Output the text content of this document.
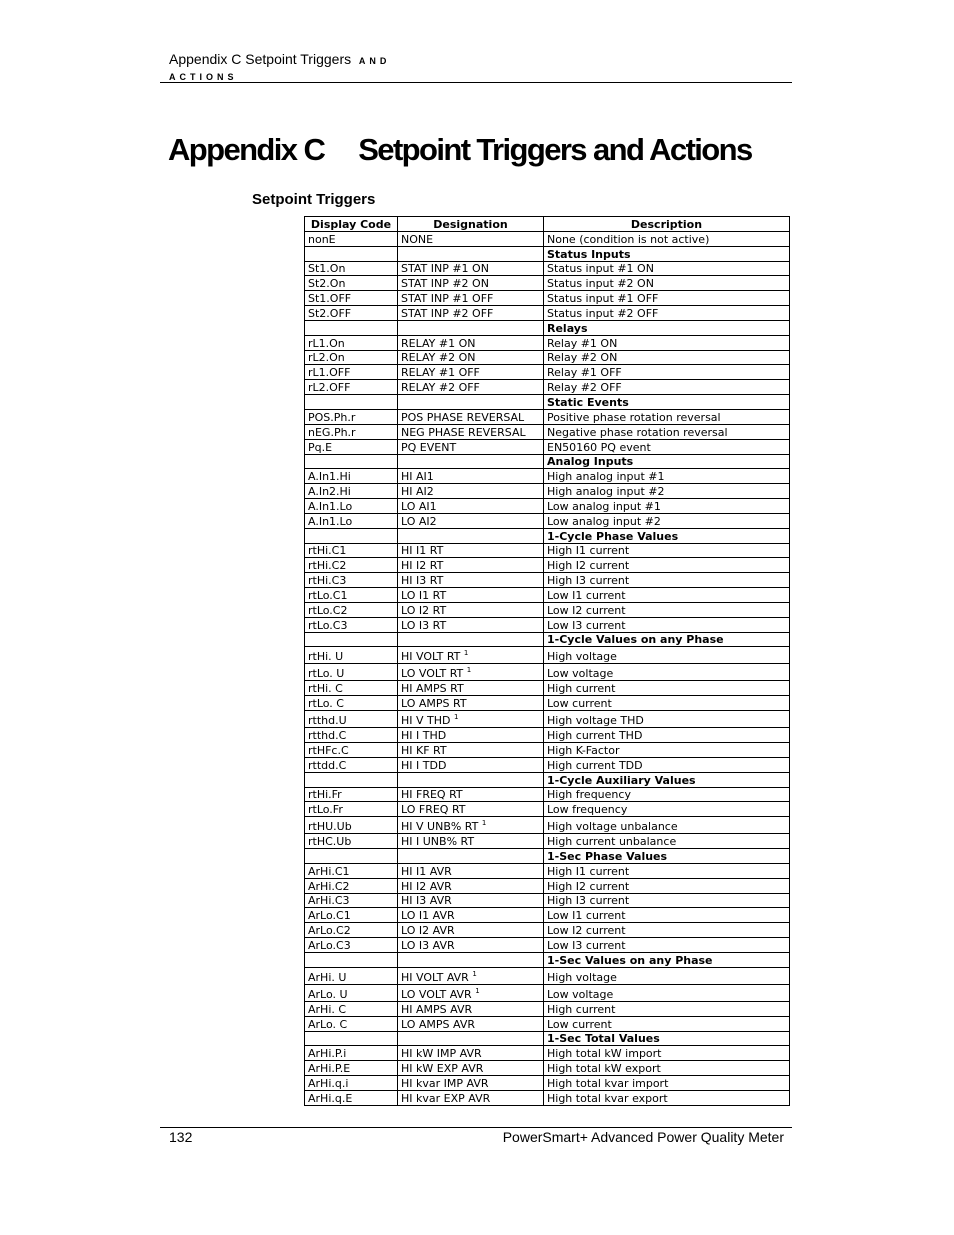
Appendix C Setpoint Triggers AND
ACTIONS
Appendix C Setpoint Triggers and Actions
Setpoint Triggers
Display Code	Designation	Description
nonE	NONE	None (condition is not active)
		Status Inputs
St1.On	STAT INP #1 ON	Status input #1 ON
St2.On	STAT INP #2 ON	Status input #2 ON
St1.OFF	STAT INP #1 OFF	Status input #1 OFF
St2.OFF	STAT INP #2 OFF	Status input #2 OFF
		Relays
rL1.On	RELAY #1 ON	Relay #1 ON
rL2.On	RELAY #2 ON	Relay #2 ON
rL1.OFF	RELAY #1 OFF	Relay #1 OFF
rL2.OFF	RELAY #2 OFF	Relay #2 OFF
		Static Events
POS.Ph.r	POS PHASE REVERSAL	Positive phase rotation reversal
nEG.Ph.r	NEG PHASE REVERSAL	Negative phase rotation reversal
Pq.E	PQ EVENT	EN50160 PQ event
		Analog Inputs
A.In1.Hi	HI AI1	High analog input #1
A.In2.Hi	HI AI2	High analog input #2
A.In1.Lo	LO AI1	Low analog input #1
A.In1.Lo	LO AI2	Low analog input #2
		1-Cycle Phase Values
rtHi.C1	HI I1 RT	High I1 current
rtHi.C2	HI I2 RT	High I2 current
rtHi.C3	HI I3 RT	High I3 current
rtLo.C1	LO I1 RT	Low I1 current
rtLo.C2	LO I2 RT	Low I2 current
rtLo.C3	LO I3 RT	Low I3 current
		1-Cycle Values on any Phase
rtHi. U	HI VOLT RT $^1$	High voltage
rtLo. U	LO VOLT RT $^1$	Low voltage
rtHi. C	HI AMPS RT	High current
rtLo. C	LO AMPS RT	Low current
rtthd.U	HI V THD $^1$	High voltage THD
rtthd.C	HI I THD	High current THD
rtHFc.C	HI KF RT	High K-Factor
rttdd.C	HI I TDD	High current TDD
		1-Cycle Auxiliary Values
rtHi.Fr	HI FREQ RT	High frequency
rtLo.Fr	LO FREQ RT	Low frequency
rtHU.Ub	HI V UNB% RT $^1$	High voltage unbalance
rtHC.Ub	HI I UNB% RT	High current unbalance
		1-Sec Phase Values
ArHi.C1	HI I1 AVR	High I1 current
ArHi.C2	HI I2 AVR	High I2 current
ArHi.C3	HI I3 AVR	High I3 current
ArLo.C1	LO I1 AVR	Low I1 current
ArLo.C2	LO I2 AVR	Low I2 current
ArLo.C3	LO I3 AVR	Low I3 current
		1-Sec Values on any Phase
ArHi. U	HI VOLT AVR $^1$	High voltage
ArLo. U	LO VOLT AVR $^1$	Low voltage
ArHi. C	HI AMPS AVR	High current
ArLo. C	LO AMPS AVR	Low current
		1-Sec Total Values
ArHi.P.i	HI kW IMP AVR	High total kW import
ArHi.P.E	HI kW EXP AVR	High total kW export
ArHi.q.i	HI kvar IMP AVR	High total kvar import
ArHi.q.E	HI kvar EXP AVR	High total kvar export
132	PowerSmart+ Advanced Power Quality Meter
